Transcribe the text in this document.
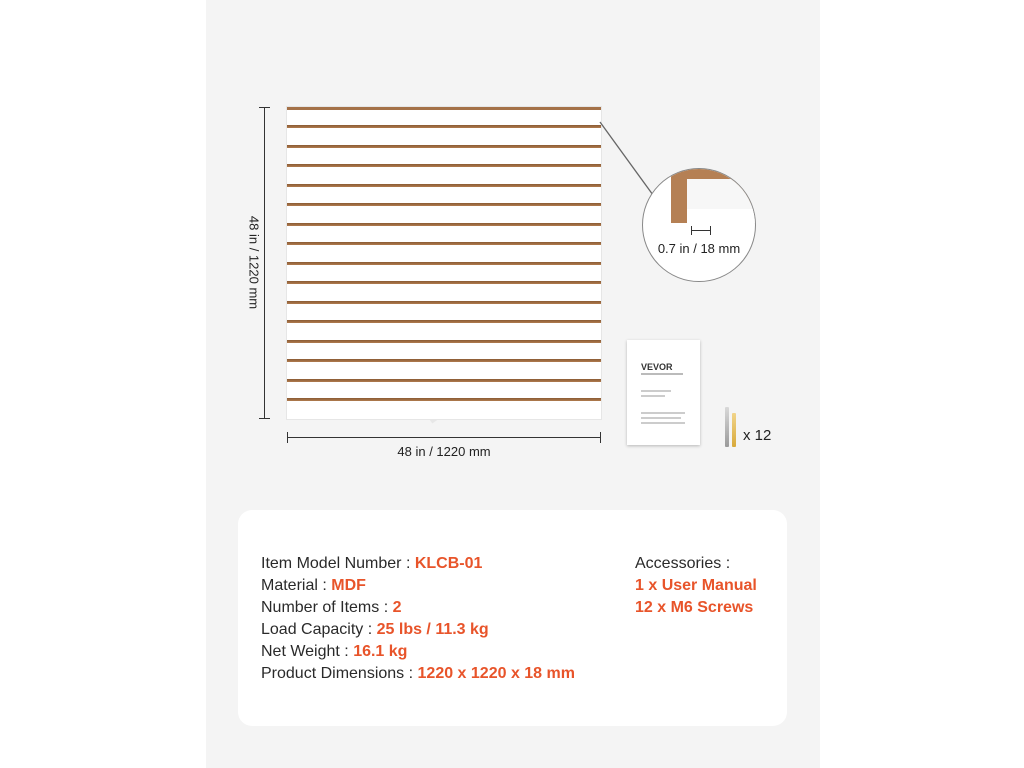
48 in / 1220 mm
48 in / 1220 mm
0.7 in / 18 mm
VEVOR
x 12
Item Model Number : KLCB-01
Material : MDF
Number of Items : 2
Load Capacity : 25 lbs / 11.3 kg
Net Weight : 16.1 kg
Product Dimensions : 1220 x 1220 x 18 mm
Accessories :
1 x User Manual
12 x M6 Screws
